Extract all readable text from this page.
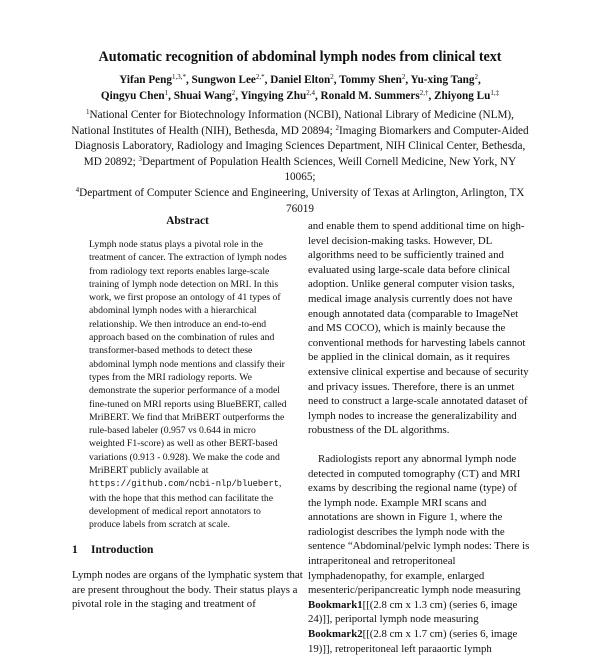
Automatic recognition of abdominal lymph nodes from clinical text
Yifan Peng$^{1,3,*}$, Sungwon Lee$^{2,*}$, Daniel Elton$^2$, Tommy Shen$^2$, Yu-xing Tang$^2$,
Qingyu Chen$^1$, Shuai Wang$^2$, Yingying Zhu$^{2,4}$, Ronald M. Summers$^{2,\dagger}$, Zhiyong $Lu^{1,\ddagger}$

$^1$National Center for Biotechnology Information (NCBI), National Library of Medicine (NLM), National Institutes of Health (NIH), Bethesda, MD 20894; $^2$Imaging Biomarkers and Computer-Aided Diagnosis Laboratory, Radiology and Imaging Sciences Department, NIH Clinical Center, Bethesda, MD 20892; $^3$Department of Population Health Sciences, Weill Cornell Medicine, New York, NY 10065;

$^4$Department of Computer Science and Engineering, University of Texas at Arlington, Arlington, TX 76019

Abstract

Lymph node status plays a pivotal role in the treatment of cancer. The extraction of lymph nodes from radiology text reports enables large-scale training of lymph node detection on MRI. In this work, we first propose an ontology of 41 types of abdominal lymph nodes with a hierarchical relationship. We then introduce an end-to-end approach based on the combination of rules and transformer-based methods to detect these abdominal lymph node mentions and classify their types from the MRI radiology reports. We demonstrate the superior performance of a model fine-tuned on MRI reports using BlueBERT, called MriBERT. We find that MriBERT outperforms the rule-based labeler (0.957 vs 0.644 in micro weighted F1-score) as well as other BERT-based variations (0.913 - 0.928). We make the code and MriBERT publicly available at https://github.com/ncbi-nlp/bluebert, with the hope that this method can facilitate the development of medical report annotators to produce labels from scratch at scale.

1 Introduction

Lymph nodes are organs of the lymphatic system that are present throughout the body. Their status plays a pivotal role in the staging and treatment of

and enable them to spend additional time on high-level decision-making tasks. However, DL algorithms need to be sufficiently trained and evaluated using large-scale data before clinical adoption. Unlike general computer vision tasks, medical image analysis currently does not have enough annotated data (comparable to ImageNet and MS COCO), which is mainly because the conventional methods for harvesting labels cannot be applied in the clinical domain, as it requires extensive clinical expertise and because of security and privacy issues. Therefore, there is an unmet need to construct a large-scale annotated dataset of lymph nodes to increase the generalizability and robustness of the DL algorithms.

Radiologists report any abnormal lymph node detected in computed tomography (CT) and MRI exams by describing the regional name (type) of the lymph node. Example MRI scans and annotations are shown in Figure 1, where the radiologist describes the lymph node with the sentence “Abdominal/pelvic lymph nodes: There is intraperitoneal and retroperitoneal lymphadenopathy, for example, enlarged mesenteric/peripancreatic lymph node measuring Bookmark1[[(2.8 cm x 1.3 cm) (series 6, image 24)]], periportal lymph node measuring Bookmark2[[(2.8 cm x 1.7 cm) (series 6, image 19)]], retroperitoneal left paraaortic lymph
